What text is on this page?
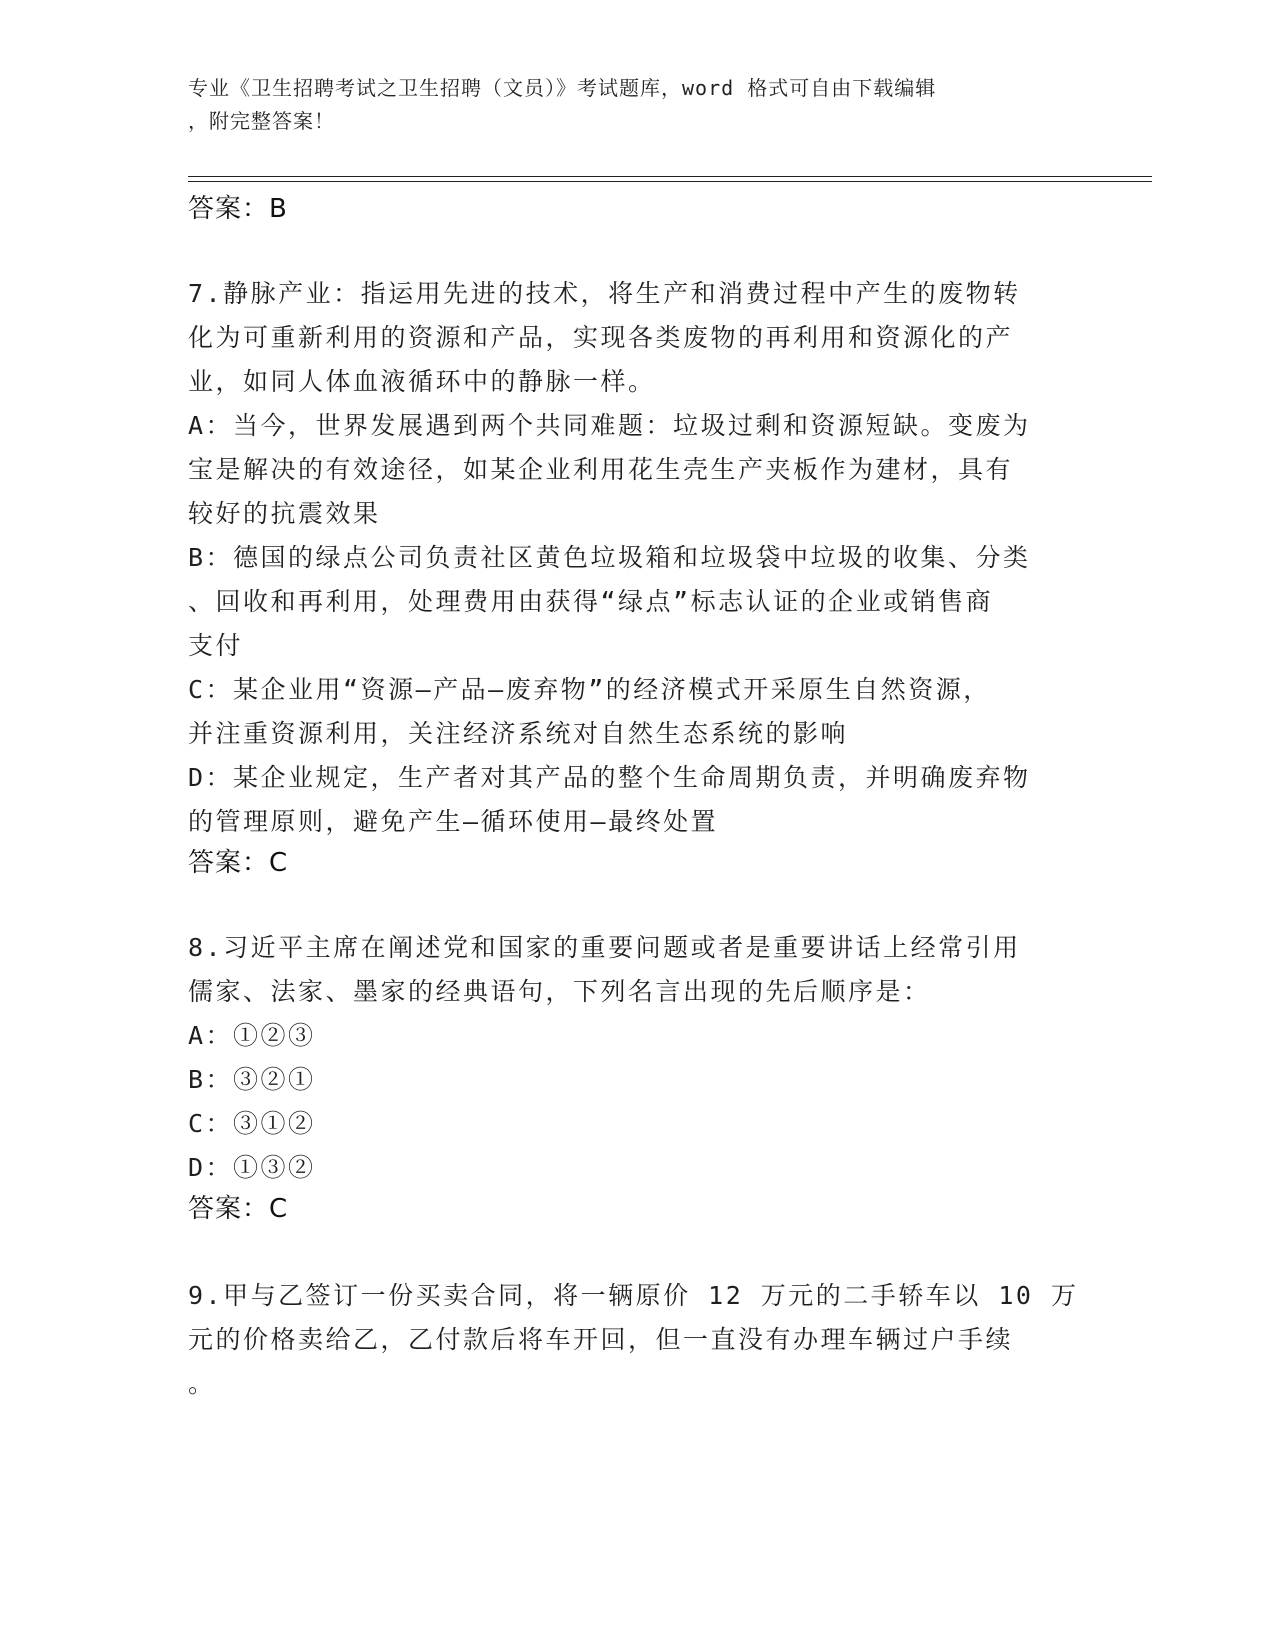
专业《卫生招聘考试之卫生招聘（文员）》考试题库，word 格式可自由下载编辑
，附完整答案！
答案：B
7.静脉产业：指运用先进的技术，将生产和消费过程中产生的废物转
化为可重新利用的资源和产品，实现各类废物的再利用和资源化的产
业，如同人体血液循环中的静脉一样。
A：当今，世界发展遇到两个共同难题：垃圾过剩和资源短缺。变废为
宝是解决的有效途径，如某企业利用花生壳生产夹板作为建材，具有
较好的抗震效果
B：德国的绿点公司负责社区黄色垃圾箱和垃圾袋中垃圾的收集、分类
、回收和再利用，处理费用由获得“绿点”标志认证的企业或销售商
支付
C：某企业用“资源—产品—废弃物”的经济模式开采原生自然资源，
并注重资源利用，关注经济系统对自然生态系统的影响
D：某企业规定，生产者对其产品的整个生命周期负责，并明确废弃物
的管理原则，避免产生—循环使用—最终处置
答案：C
8.习近平主席在阐述党和国家的重要问题或者是重要讲话上经常引用
儒家、法家、墨家的经典语句，下列名言出现的先后顺序是：
A：①②③
B：③②①
C：③①②
D：①③②
答案：C
9.甲与乙签订一份买卖合同，将一辆原价 12 万元的二手轿车以 10 万
元的价格卖给乙，乙付款后将车开回，但一直没有办理车辆过户手续
。
